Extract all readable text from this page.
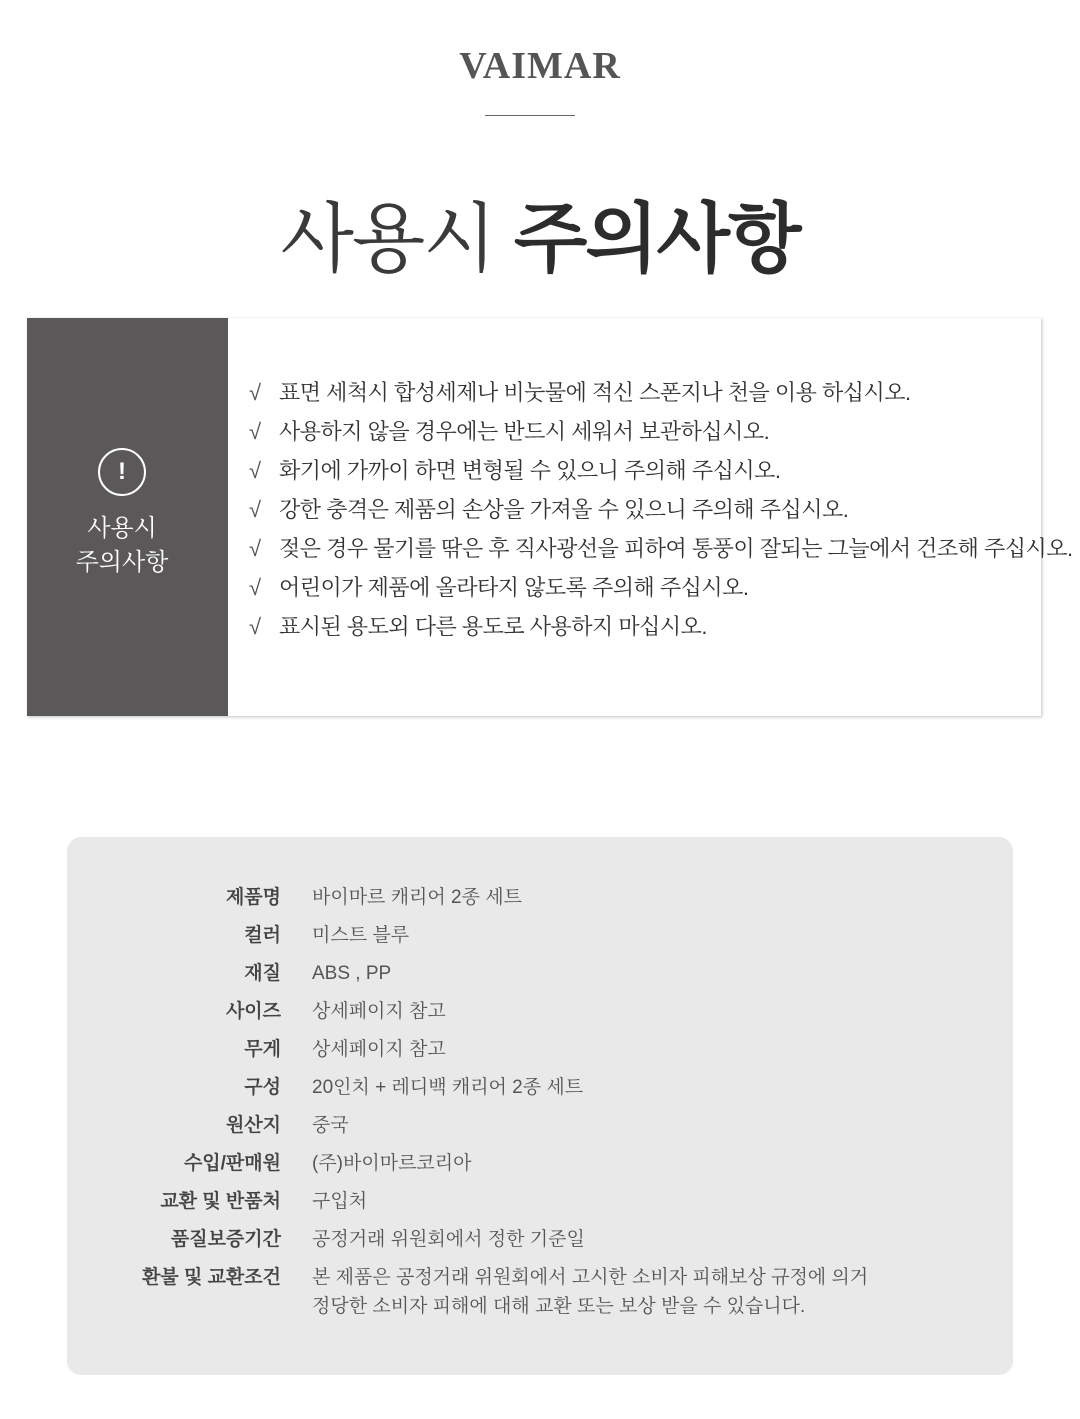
VAIMAR
사용시 주의사항
!
사용시
주의사항
√ 표면 세척시 합성세제나 비눗물에 적신 스폰지나 천을 이용 하십시오.
√ 사용하지 않을 경우에는 반드시 세워서 보관하십시오.
√ 화기에 가까이 하면 변형될 수 있으니 주의해 주십시오.
√ 강한 충격은 제품의 손상을 가져올 수 있으니 주의해 주십시오.
√ 젖은 경우 물기를 딲은 후 직사광선을 피하여 통풍이 잘되는 그늘에서 건조해 주십시오.
√ 어린이가 제품에 올라타지 않도록 주의해 주십시오.
√ 표시된 용도외 다른 용도로 사용하지 마십시오.
제품명 바이마르 캐리어 2종 세트
컬러 미스트 블루
재질 ABS , PP
사이즈 상세페이지 참고
무게 상세페이지 참고
구성 20인치 + 레디백 캐리어 2종 세트
원산지 중국
수입/판매원 (주)바이마르코리아
교환 및 반품처 구입처
품질보증기간 공정거래 위원회에서 정한 기준일
환불 및 교환조건 본 제품은 공정거래 위원회에서 고시한 소비자 피해보상 규정에 의거
정당한 소비자 피해에 대해 교환 또는 보상 받을 수 있습니다.
